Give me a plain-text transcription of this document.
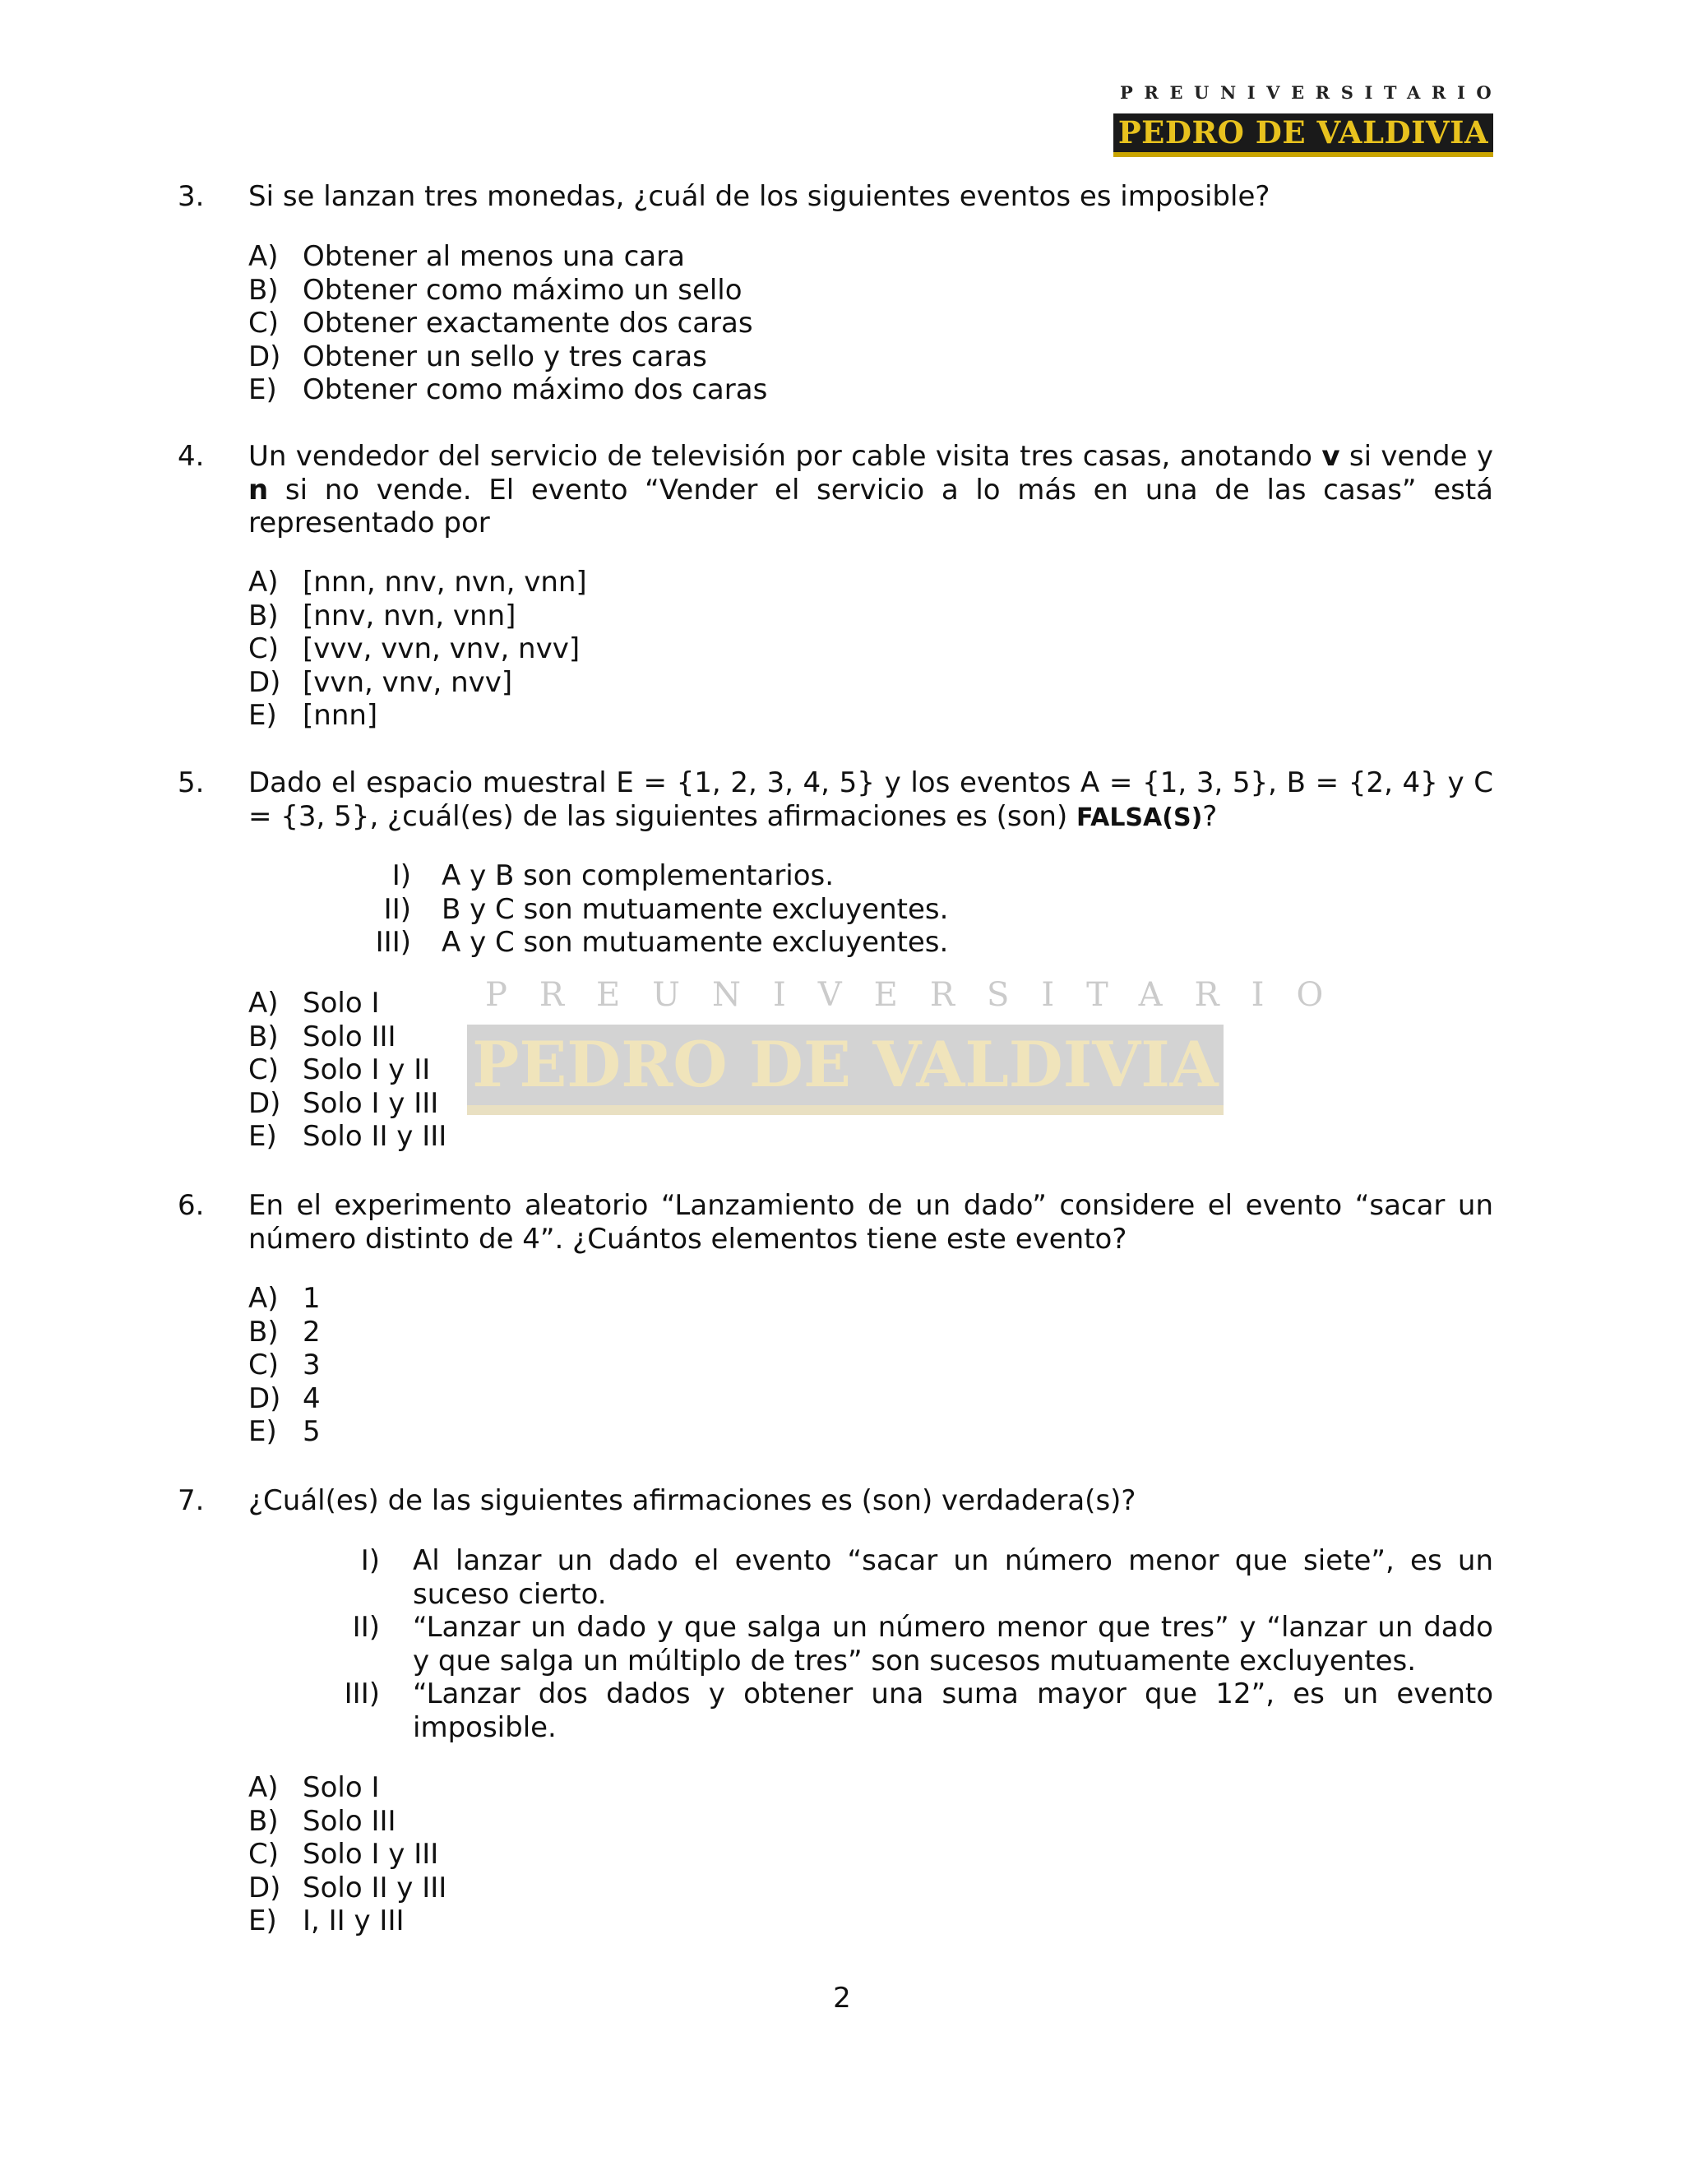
PREUNIVERSITARIO
PEDRO DE VALDIVIA
PREUNIVERSITARIO
PEDRO DE VALDIVIA
3. Si se lanzan tres monedas, ¿cuál de los siguientes eventos es imposible?
A) Obtener al menos una cara
B) Obtener como máximo un sello
C) Obtener exactamente dos caras
D) Obtener un sello y tres caras
E) Obtener como máximo dos caras
4. Un vendedor del servicio de televisión por cable visita tres casas, anotando v si vende y n si no vende. El evento “Vender el servicio a lo más en una de las casas” está representado por

A) [nnn, nnv, nvn, vnn]
B) [nnv, nvn, vnn]
C) [vvv, vvn, vnv, nvv]
D) [vvn, vnv, nvv]
E) [nnn]
5. Dado el espacio muestral E = {1, 2, 3, 4, 5} y los eventos A = {1, 3, 5}, B = {2, 4} y C = {3, 5}, ¿cuál(es) de las siguientes afirmaciones es (son) FALSA(S)?

I) A y B son complementarios.
II) B y C son mutuamente excluyentes.
III) A y C son mutuamente excluyentes.
A) Solo I
B) Solo III
C) Solo I y II
D) Solo I y III
E) Solo II y III
6. En el experimento aleatorio “Lanzamiento de un dado” considere el evento “sacar un número distinto de 4”. ¿Cuántos elementos tiene este evento?
A) 1
B) 2
C) 3
D) 4
E) 5
7. ¿Cuál(es) de las siguientes afirmaciones es (son) verdadera(s)?
I) Al lanzar un dado el evento “sacar un número menor que siete”, es un suceso cierto.
II) “Lanzar un dado y que salga un número menor que tres” y “lanzar un dado y que salga un múltiplo de tres” son sucesos mutuamente excluyentes.
III) “Lanzar dos dados y obtener una suma mayor que 12”, es un evento imposible.
A) Solo I
B) Solo III
C) Solo I y III
D) Solo II y III
E) I, II y III
2
